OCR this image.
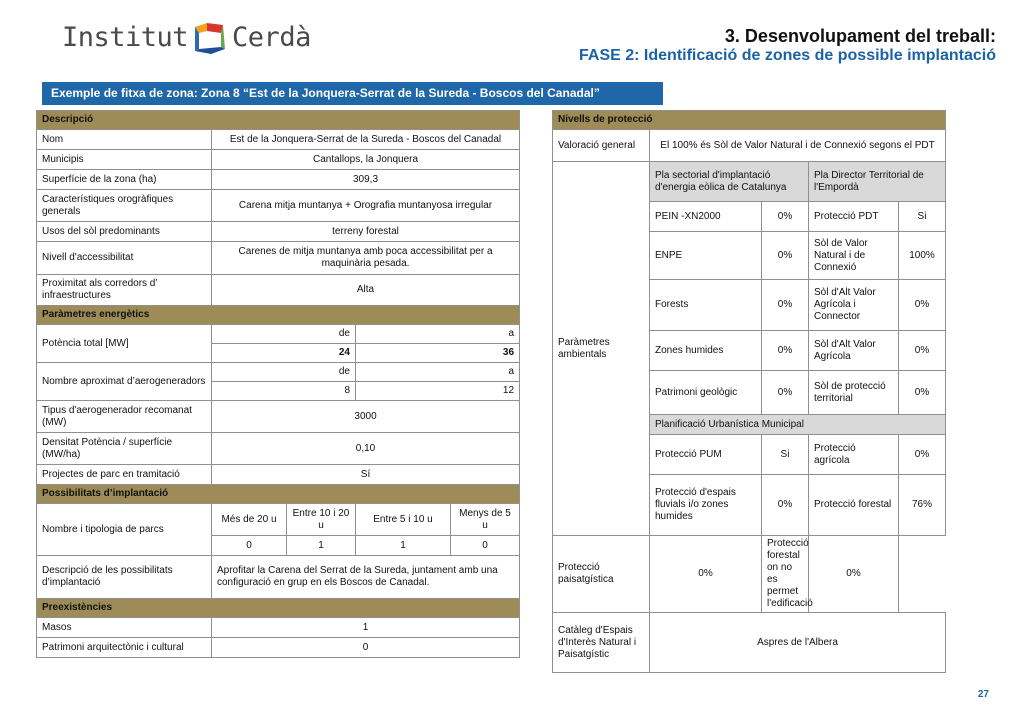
Institut Cerdà	3. Desenvolupament del treball:
FASE 2: Identificació de zones de possible implantació
Exemple de fitxa de zona: Zona 8 “Est de la Jonquera-Serrat de la Sureda - Boscos del Canadal”
Descripció				
Nom	Est de la Jonquera-Serrat de la Sureda - Boscos del Canadal			
Municipis	Cantallops, la Jonquera			
Superfície de la zona (ha)	309,3			
Característiques orogràfiques generals	Carena mitja muntanya + Orografia muntanyosa irregular			
Usos del sòl predominants	terreny forestal			
Nivell d'accessibilitat	Carenes de mitja muntanya amb poca accessibilitat per a maquinària pesada.			
Proximitat als corredors d’ infraestructures	Alta			
Paràmetres energètics				
Potència total [MW]	de		a	
	24		36	
Nombre aproximat d’aerogeneradors	de		a	
	8		12	
Tipus d'aerogenerador recomanat (MW)	3000			
Densitat Potència / superfície (MW/ha)	0,10			
Projectes de parc en tramitació	Sí			
Possibilitats d’implantació				
Nombre i tipologia de parcs	Més de 20 u	Entre 10 i 20 u	Entre 5 i 10 u	Menys de 5 u
	0	1	1	0
Descripció de les possibilitats d’implantació	Aprofitar la Carena del Serrat de la Sureda, juntament amb una configuració en grup en els Boscos de Canadal.			
Preexistències				
Masos	1			
Patrimoni arquitectònic i cultural	0			
Nivells de protecció				
Valoració general	El 100% és Sòl de Valor Natural i de Connexió segons el PDT			
Paràmetres ambientals	Pla sectorial d'implantació d'energia eòlica de Catalunya		Pla Director Territorial de l'Empordà	
	PEIN -XN2000	0%	Protecció PDT	Si
	ENPE	0%	Sòl de Valor Natural i de Connexió	100%
	Forests	0%	Sòl d'Alt Valor Agrícola i Connector	0%
	Zones humides	0%	Sòl d'Alt Valor Agrícola	0%
	Patrimoni geològic	0%	Sòl de protecció territorial	0%
	Planificació Urbanística Municipal			
	Protecció PUM	Si	Protecció agrícola	0%
	Protecció d'espais fluvials i/o zones humides	0%	Protecció forestal	76%
Protecció paisatgística	0%	Protecció forestal on no es permet l'edificació	0%	
Catàleg d'Espais d'Interès Natural i Paisatgístic	Aspres de l'Albera			
27
